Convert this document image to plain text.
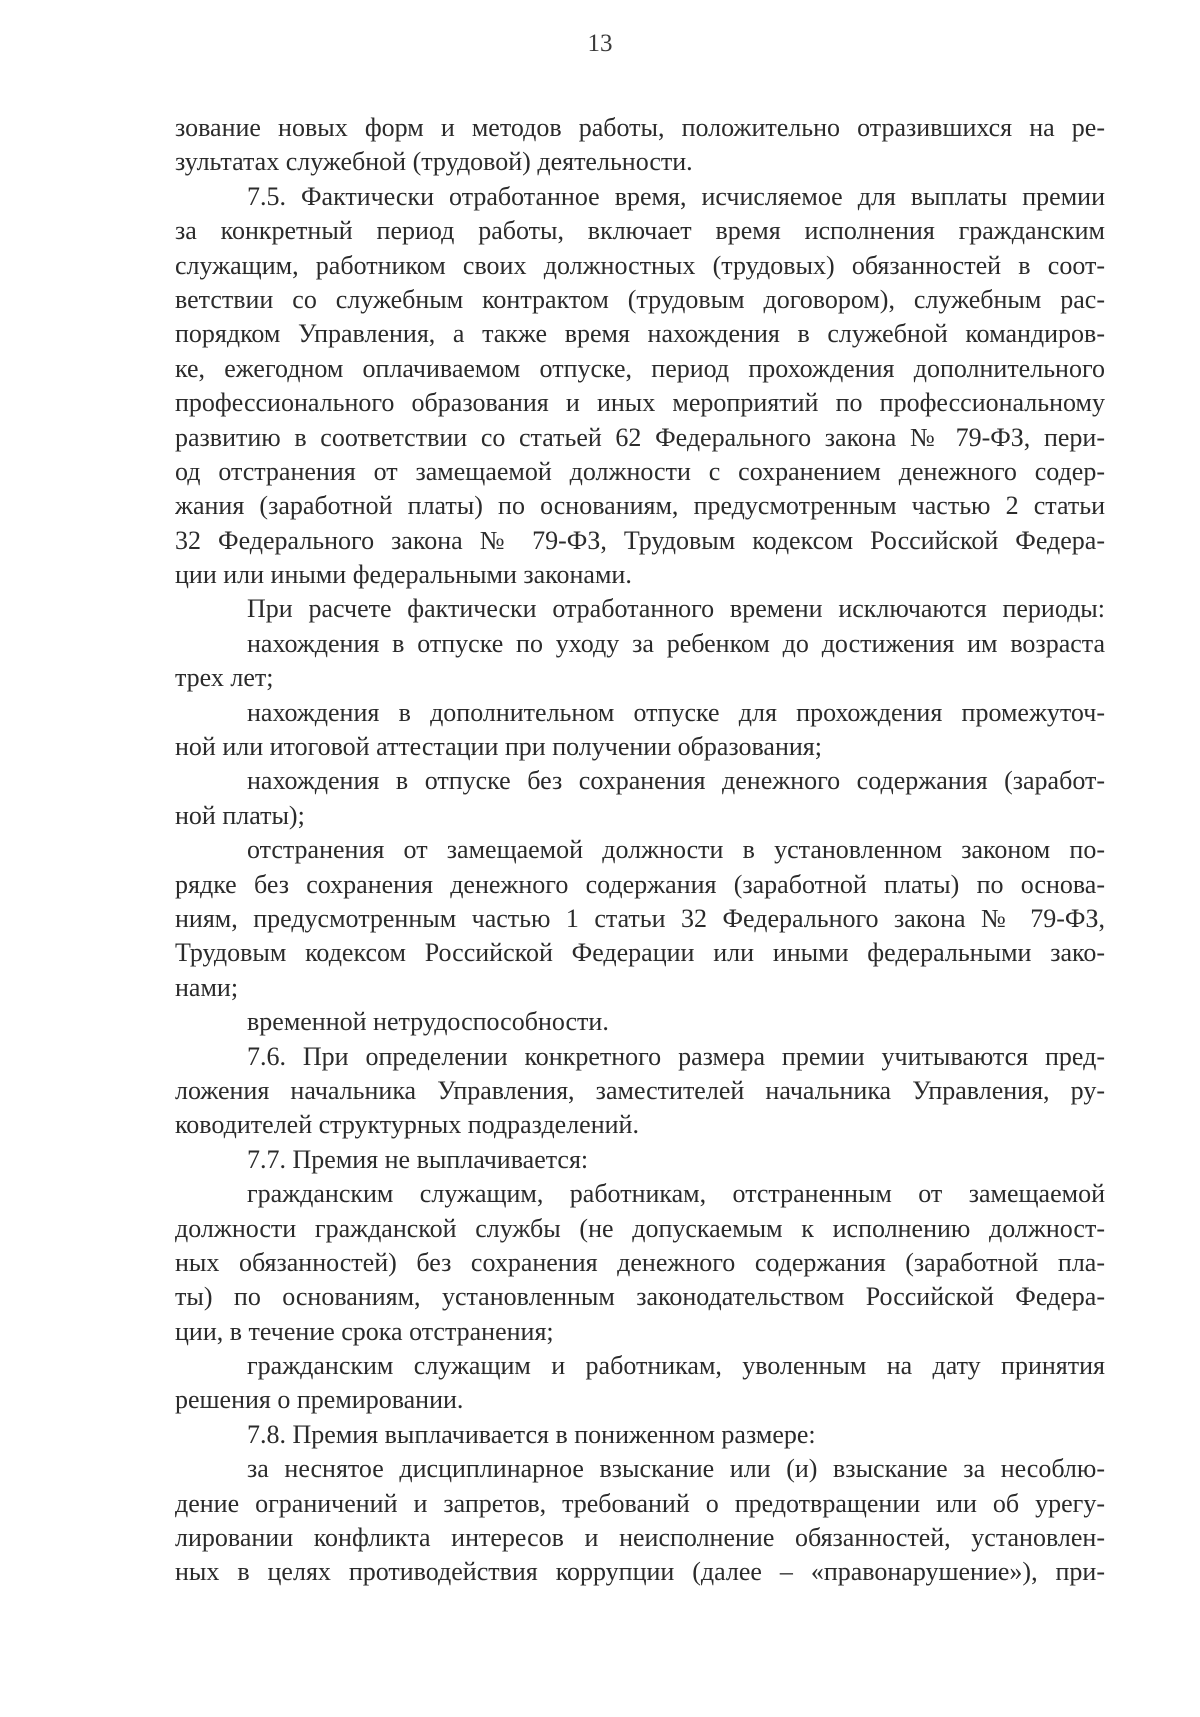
13
зование новых форм и методов работы, положительно отразившихся на ре-
зультатах служебной (трудовой) деятельности.
7.5. Фактически отработанное время, исчисляемое для выплаты премии
за конкретный период работы, включает время исполнения гражданским
служащим, работником своих должностных (трудовых) обязанностей в соот-
ветствии со служебным контрактом (трудовым договором), служебным рас-
порядком Управления, а также время нахождения в служебной командиров-
ке, ежегодном оплачиваемом отпуске, период прохождения дополнительного
профессионального образования и иных мероприятий по профессиональному
развитию в соответствии со статьей 62 Федерального закона № 79-ФЗ, пери-
од отстранения от замещаемой должности с сохранением денежного содер-
жания (заработной платы) по основаниям, предусмотренным частью 2 статьи
32 Федерального закона № 79-ФЗ, Трудовым кодексом Российской Федера-
ции или иными федеральными законами.
При расчете фактически отработанного времени исключаются периоды:
нахождения в отпуске по уходу за ребенком до достижения им возраста
трех лет;
нахождения в дополнительном отпуске для прохождения промежуточ-
ной или итоговой аттестации при получении образования;
нахождения в отпуске без сохранения денежного содержания (заработ-
ной платы);
отстранения от замещаемой должности в установленном законом по-
рядке без сохранения денежного содержания (заработной платы) по основа-
ниям, предусмотренным частью 1 статьи 32 Федерального закона № 79-ФЗ,
Трудовым кодексом Российской Федерации или иными федеральными зако-
нами;
временной нетрудоспособности.
7.6. При определении конкретного размера премии учитываются пред-
ложения начальника Управления, заместителей начальника Управления, ру-
ководителей структурных подразделений.
7.7. Премия не выплачивается:
гражданским служащим, работникам, отстраненным от замещаемой
должности гражданской службы (не допускаемым к исполнению должност-
ных обязанностей) без сохранения денежного содержания (заработной пла-
ты) по основаниям, установленным законодательством Российской Федера-
ции, в течение срока отстранения;
гражданским служащим и работникам, уволенным на дату принятия
решения о премировании.
7.8. Премия выплачивается в пониженном размере:
за неснятое дисциплинарное взыскание или (и) взыскание за несоблю-
дение ограничений и запретов, требований о предотвращении или об урегу-
лировании конфликта интересов и неисполнение обязанностей, установлен-
ных в целях противодействия коррупции (далее – «правонарушение»), при-
